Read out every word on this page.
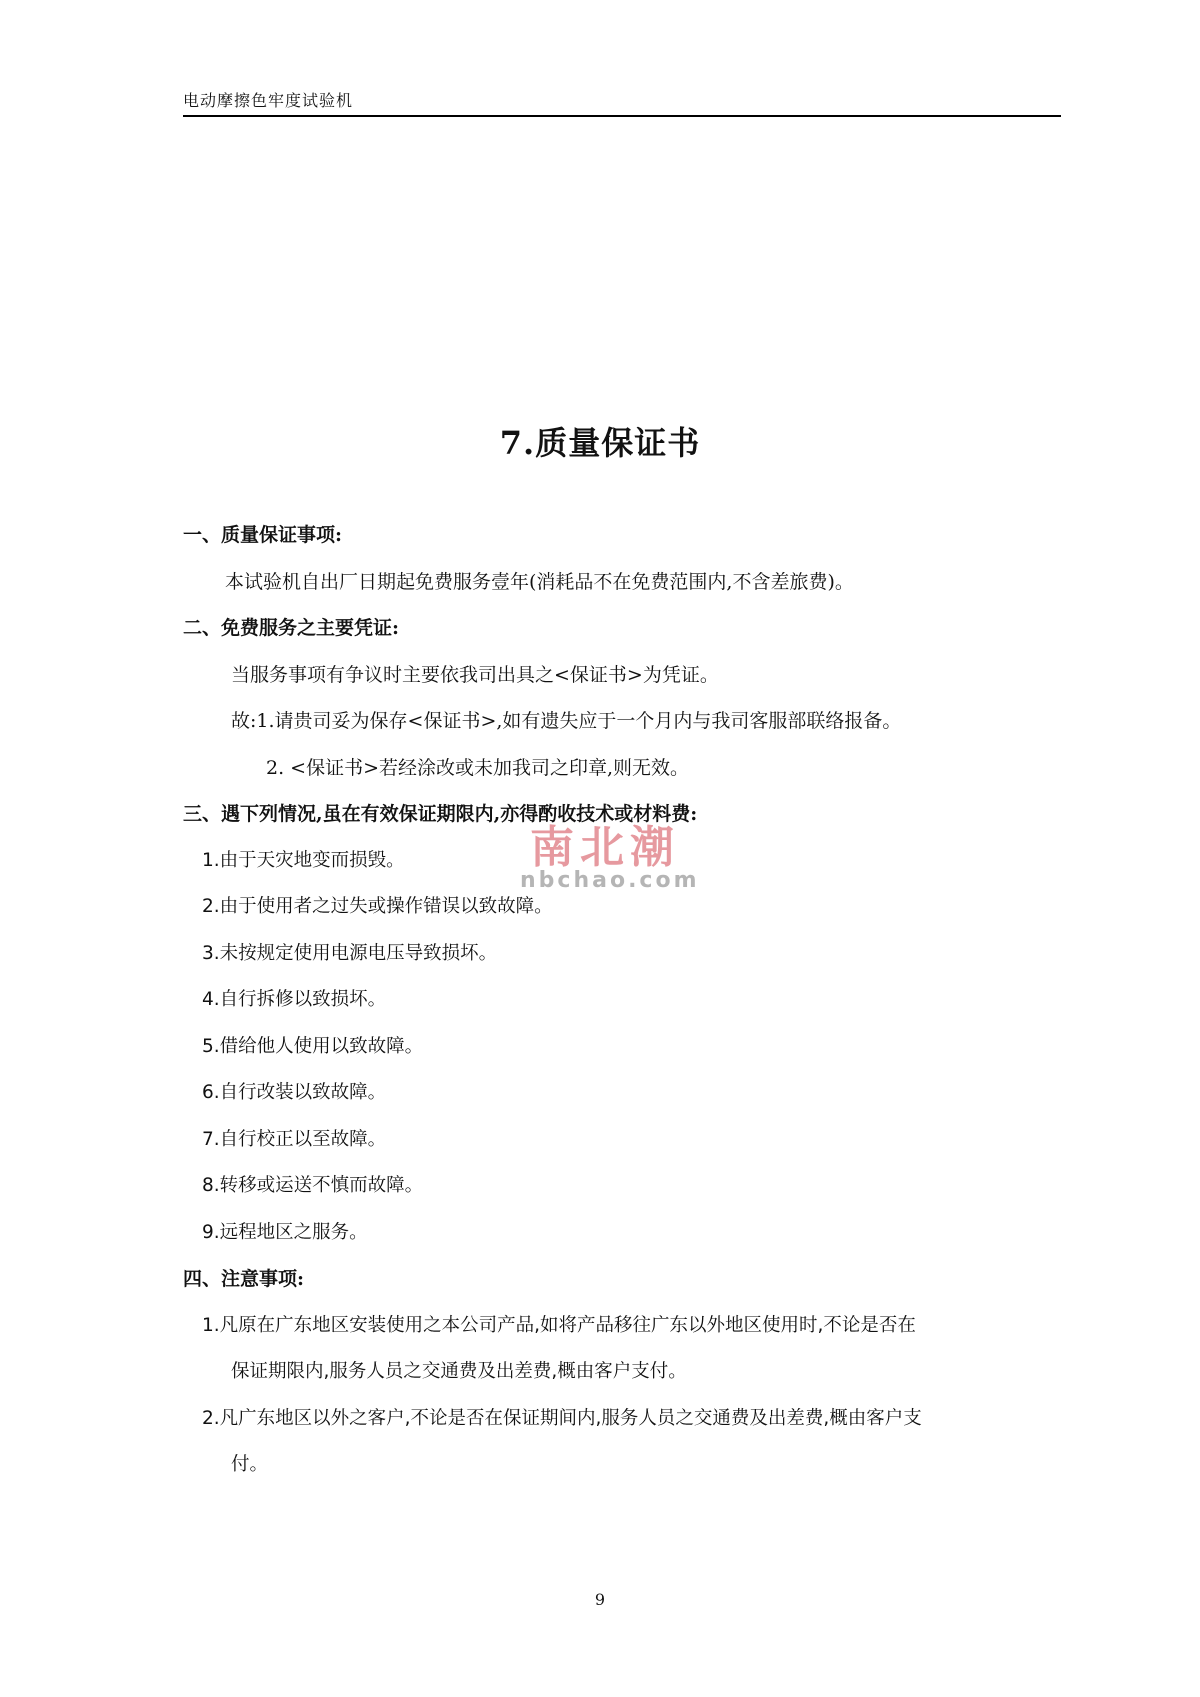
电动摩擦色牢度试验机
7.质量保证书
一、质量保证事项:
本试验机自出厂日期起免费服务壹年(消耗品不在免费范围内,不含差旅费)。
二、免费服务之主要凭证:
当服务事项有争议时主要依我司出具之<保证书>为凭证。
故:1.请贵司妥为保存<保证书>,如有遗失应于一个月内与我司客服部联络报备。
2. <保证书>若经涂改或未加我司之印章,则无效。
三、遇下列情况,虽在有效保证期限内,亦得酌收技术或材料费:
1.由于天灾地变而损毁。
2.由于使用者之过失或操作错误以致故障。
3.未按规定使用电源电压导致损坏。
4.自行拆修以致损坏。
5.借给他人使用以致故障。
6.自行改装以致故障。
7.自行校正以至故障。
8.转移或运送不慎而故障。
9.远程地区之服务。
四、注意事项:
1.凡原在广东地区安装使用之本公司产品,如将产品移往广东以外地区使用时,不论是否在
保证期限内,服务人员之交通费及出差费,概由客户支付。
2.凡广东地区以外之客户,不论是否在保证期间内,服务人员之交通费及出差费,概由客户支
付。
南北潮
nbchao.com
9
